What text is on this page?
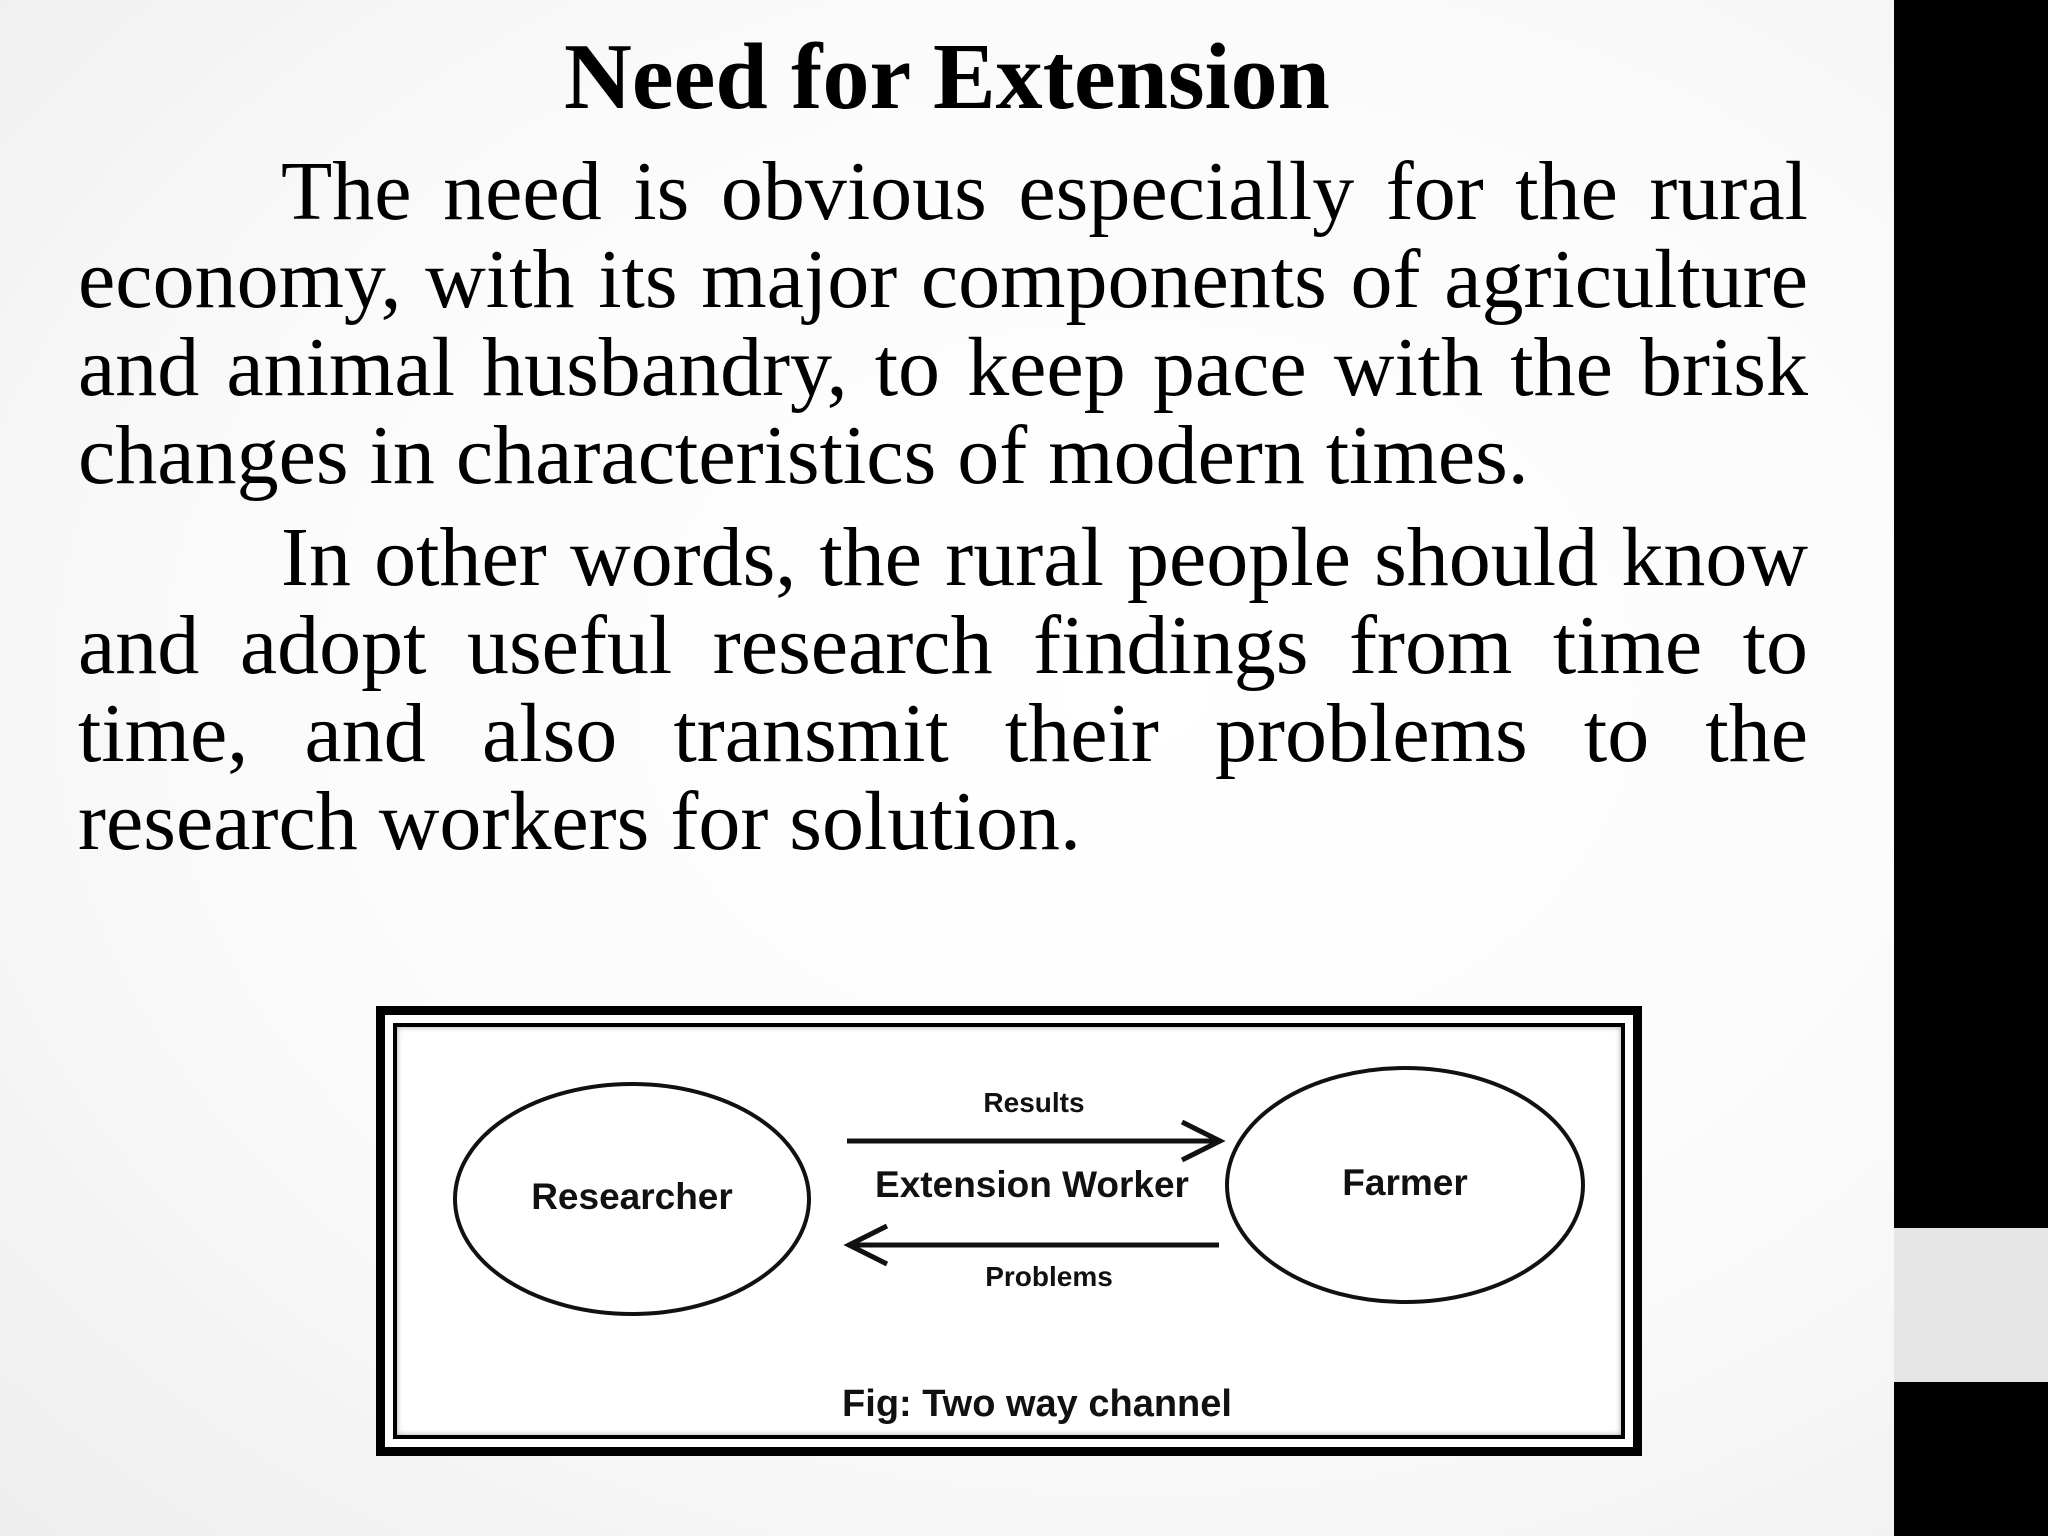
Need for Extension

The need is obvious especially for the rural economy, with its major components of agriculture and animal husbandry, to keep pace with the brisk changes in characteristics of modern times.

In other words, the rural people should know and adopt useful research findings from time to time, and also transmit their problems to the research workers for solution.

Researcher	Farmer
Extension Worker
Results
Problems
Fig: Two way channel
